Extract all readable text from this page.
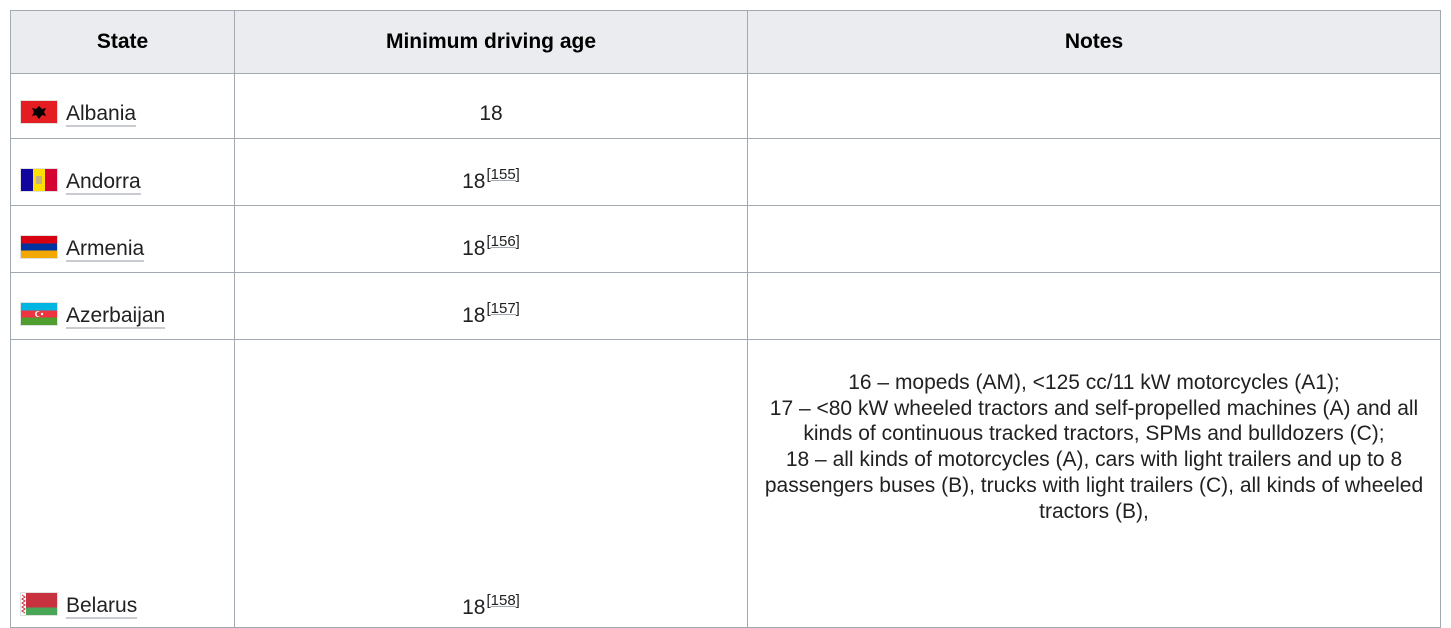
State	Minimum driving age	Notes

Albania	18	

Andorra	18[155]	
Armenia	18[156]	

Azerbaijan	18[157]	

Belarus	18[158]	16 – mopeds (AM), <125 cc/11 kW motorcycles (A1);
17 – <80 kW wheeled tractors and self-propelled machines (A) and all kinds of continuous tracked tractors, SPMs and bulldozers (C);
18 – all kinds of motorcycles (A), cars with light trailers and up to 8 passengers buses (B), trucks with light trailers (C), all kinds of wheeled tractors (B),
